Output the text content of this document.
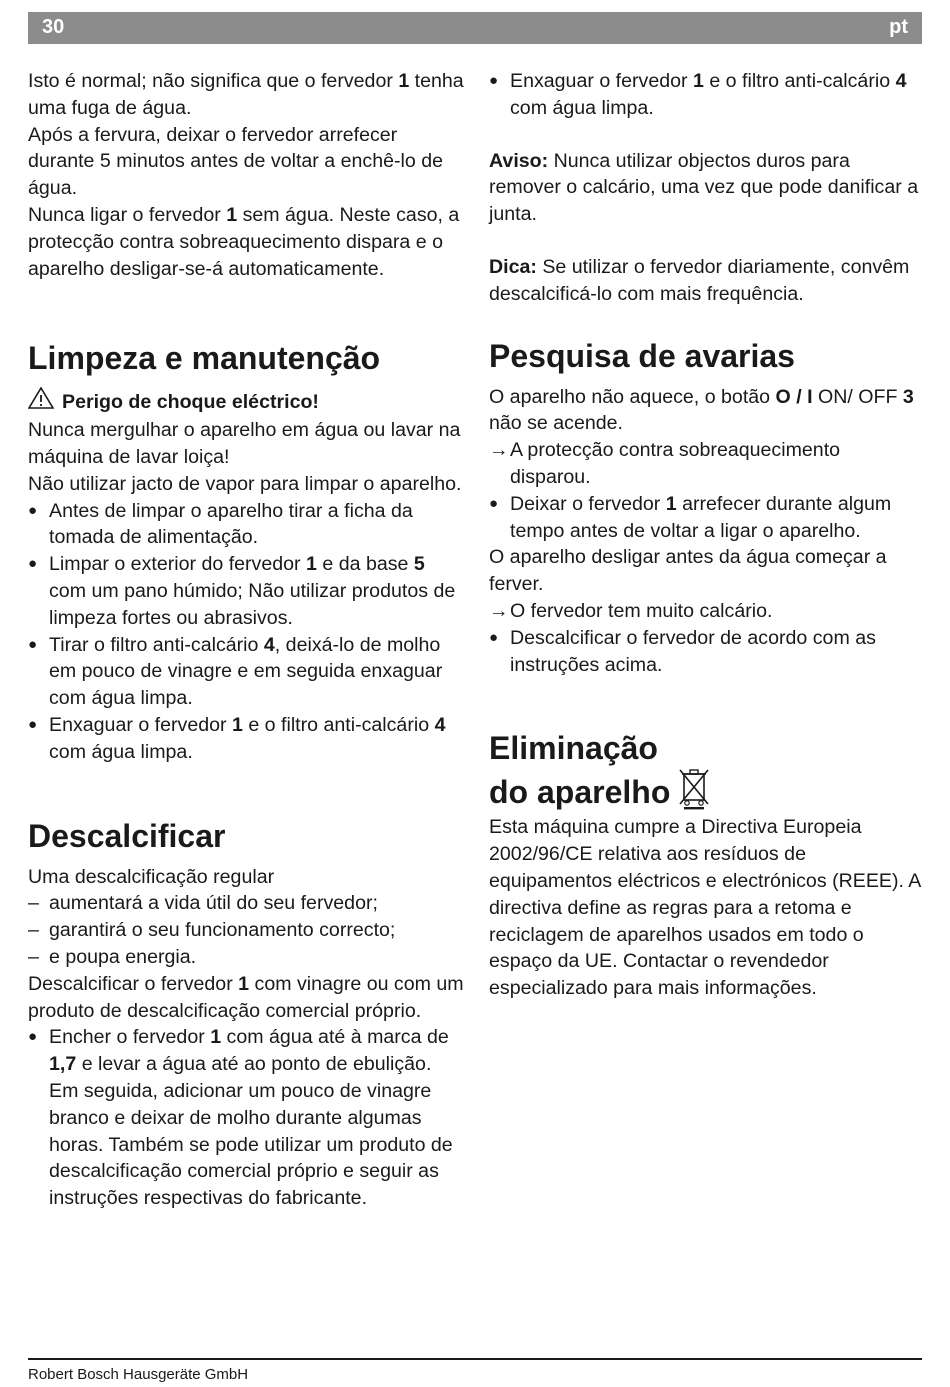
30	pt

Isto é normal; não significa que o fervedor 1 tenha uma fuga de água.

Após a fervura, deixar o fervedor arrefecer durante 5 minutos antes de voltar a enchê-lo de água.

Nunca ligar o fervedor 1 sem água. Neste caso, a protecção contra sobreaquecimento dispara e o aparelho desligar-se-á automaticamente.

Limpeza e manutenção
Perigo de choque eléctrico!

Nunca mergulhar o aparelho em água ou lavar na máquina de lavar loiça!

Não utilizar jacto de vapor para limpar o aparelho.

● Antes de limpar o aparelho tirar a ficha da tomada de alimentação.

● Limpar o exterior do fervedor 1 e da base 5 com um pano húmido; Não utilizar produtos de limpeza fortes ou abrasivos.

● Tirar o filtro anti-calcário 4, deixá-lo de molho em pouco de vinagre e em seguida enxaguar com água limpa.

● Enxaguar o fervedor 1 e o filtro anti-calcário 4 com água limpa.

Descalcificar

Uma descalcificação regular

– aumentará a vida útil do seu fervedor;

– garantirá o seu funcionamento correcto;

– e poupa energia.

Descalcificar o fervedor 1 com vinagre ou com um produto de descalcificação comercial próprio.

● Encher o fervedor 1 com água até à marca de 1,7 e levar a água até ao ponto de ebulição. Em seguida, adicionar um pouco de vinagre branco e deixar de molho durante algumas horas. Também se pode utilizar um produto de descalcificação comercial próprio e seguir as instruções respectivas do fabricante.

● Enxaguar o fervedor 1 e o filtro anti-calcário 4 com água limpa.

Aviso: Nunca utilizar objectos duros para remover o calcário, uma vez que pode danificar a junta.

Dica: Se utilizar o fervedor diariamente, convêm descalcificá-lo com mais frequência.

Pesquisa de avarias

O aparelho não aquece, o botão O / I ON/ OFF 3 não se acende.

→ A protecção contra sobreaquecimento disparou.

● Deixar o fervedor 1 arrefecer durante algum tempo antes de voltar a ligar o aparelho.

O aparelho desligar antes da água começar a ferver.

→ O fervedor tem muito calcário.

● Descalcificar o fervedor de acordo com as instruções acima.

Eliminação
do aparelho

Esta máquina cumpre a Directiva Europeia 2002/96/CE relativa aos resíduos de equipamentos eléctricos e electrónicos (REEE). A directiva define as regras para a retoma e reciclagem de aparelhos usados em todo o espaço da UE. Contactar o revendedor especializado para mais informações.

Robert Bosch Hausgeräte GmbH
